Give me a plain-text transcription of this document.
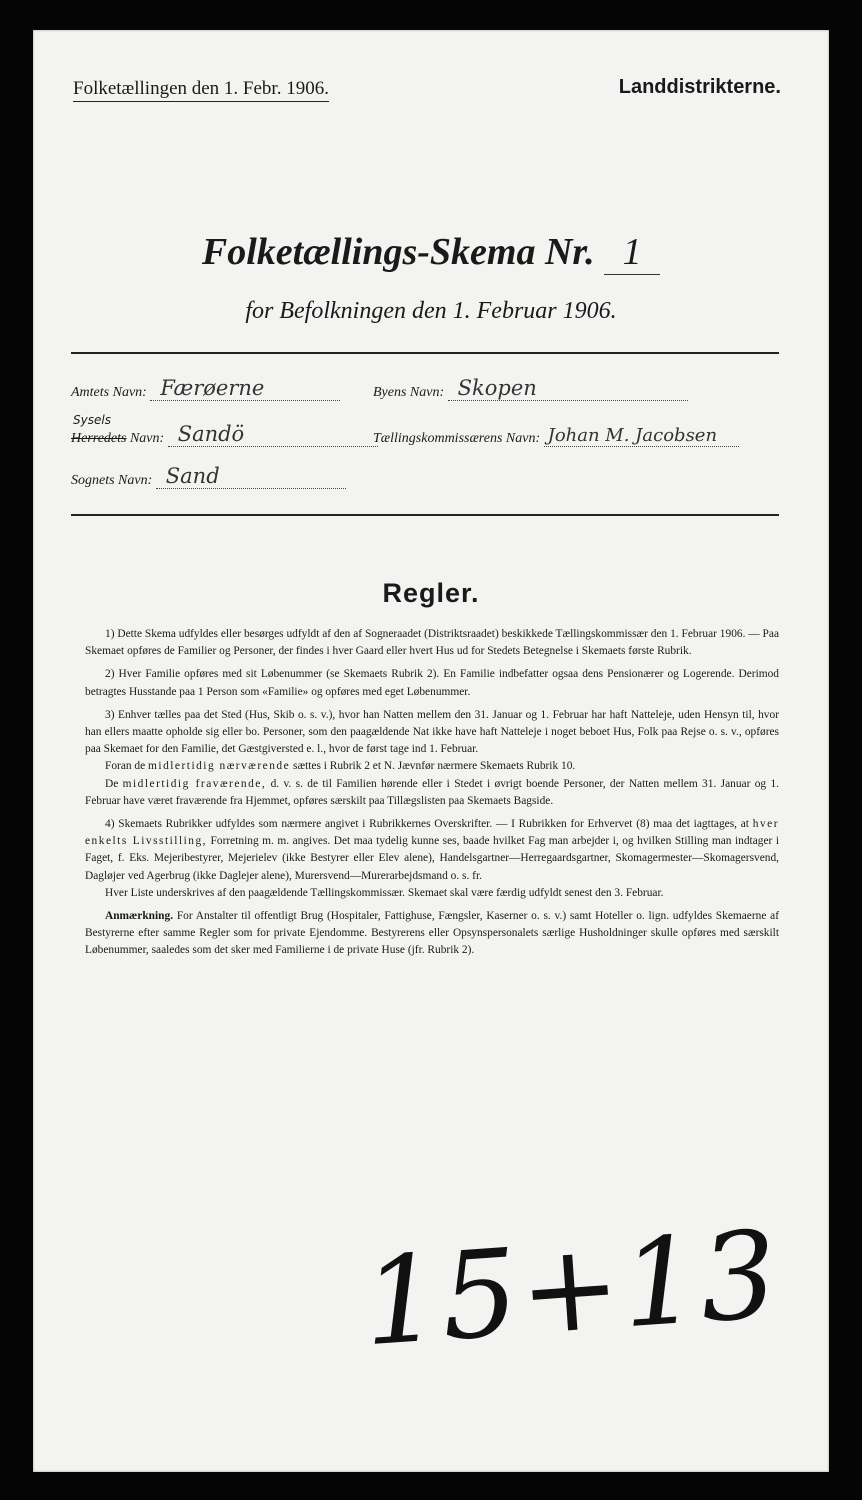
Folketællingen den 1. Febr. 1906.	Landdistrikterne.
Folketællings-Skema Nr. 1
for Befolkningen den 1. Februar 1906.
Amtets Navn: Færøerne
Sysels
Herredets Navn: Sandö
Sognets Navn: Sand
Byens Navn: Skopen
Tællingskommissærens Navn: Johan M. Jacobsen
Regler.

1) Dette Skema udfyldes eller besørges udfyldt af den af Sogneraadet (Distriktsraadet) beskikkede Tællingskommissær den 1. Februar 1906. — Paa Skemaet opføres de Familier og Personer, der findes i hver Gaard eller hvert Hus ud for Stedets Betegnelse i Skemaets første Rubrik.

2) Hver Familie opføres med sit Løbenummer (se Skemaets Rubrik 2). En Familie indbefatter ogsaa dens Pensionærer og Logerende. Derimod betragtes Husstande paa 1 Person som «Familie» og opføres med eget Løbenummer.

3) Enhver tælles paa det Sted (Hus, Skib o. s. v.), hvor han Natten mellem den 31. Januar og 1. Februar har haft Natteleje, uden Hensyn til, hvor han ellers maatte opholde sig eller bo. Personer, som den paagældende Nat ikke have haft Natteleje i noget beboet Hus, Folk paa Rejse o. s. v., opføres paa Skemaet for den Familie, det Gæstgiversted e. l., hvor de først tage ind 1. Februar.

Foran de midlertidig nærværende sættes i Rubrik 2 et N. Jævnfør nærmere Skemaets Rubrik 10.

De midlertidig fraværende, d. v. s. de til Familien hørende eller i Stedet i øvrigt boende Personer, der Natten mellem 31. Januar og 1. Februar have været fraværende fra Hjemmet, opføres særskilt paa Tillægslisten paa Skemaets Bagside.

4) Skemaets Rubrikker udfyldes som nærmere angivet i Rubrikkernes Overskrifter. — I Rubrikken for Erhvervet (8) maa det iagttages, at hver enkelts Livsstilling, Forretning m. m. angives. Det maa tydelig kunne ses, baade hvilket Fag man arbejder i, og hvilken Stilling man indtager i Faget, f. Eks. Mejeribestyrer, Mejerielev (ikke Bestyrer eller Elev alene), Handelsgartner—Herregaardsgartner, Skomagermester—Skomagersvend, Dagløjer ved Agerbrug (ikke Daglejer alene), Murersvend—Murerarbejdsmand o. s. fr.

Hver Liste underskrives af den paagældende Tællingskommissær. Skemaet skal være færdig udfyldt senest den 3. Februar.

Anmærkning. For Anstalter til offentligt Brug (Hospitaler, Fattighuse, Fængsler, Kaserner o. s. v.) samt Hoteller o. lign. udfyldes Skemaerne af Bestyrerne efter samme Regler som for private Ejendomme. Bestyrerens eller Opsynspersonalets særlige Husholdninger skulle opføres med særskilt Løbenummer, saaledes som det sker med Familierne i de private Huse (jfr. Rubrik 2).

15+13
